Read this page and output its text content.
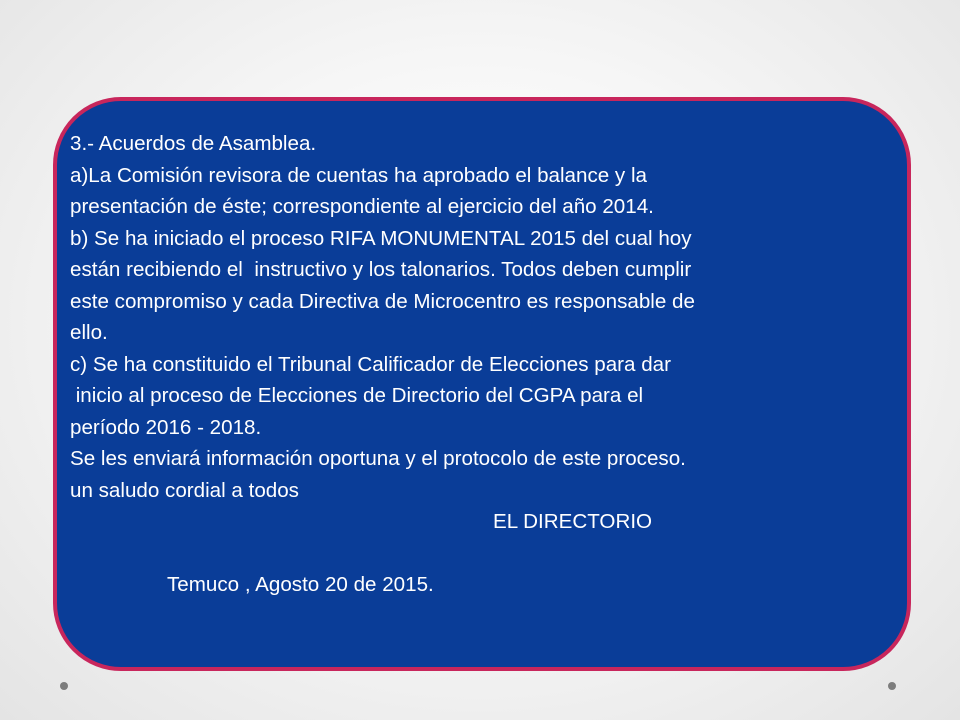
3.- Acuerdos de Asamblea.
a)La Comisión revisora de cuentas ha aprobado el balance y la
presentación de éste; correspondiente al ejercicio del año 2014.
b) Se ha iniciado el proceso RIFA MONUMENTAL 2015 del cual hoy
están recibiendo el  instructivo y los talonarios. Todos deben cumplir
este compromiso y cada Directiva de Microcentro es responsable de
ello.
c) Se ha constituido el Tribunal Calificador de Elecciones para dar
inicio al proceso de Elecciones de Directorio del CGPA para el
período 2016 - 2018.
Se les enviará información oportuna y el protocolo de este proceso.
un saludo cordial a todos
EL DIRECTORIO
Temuco , Agosto 20 de 2015.
